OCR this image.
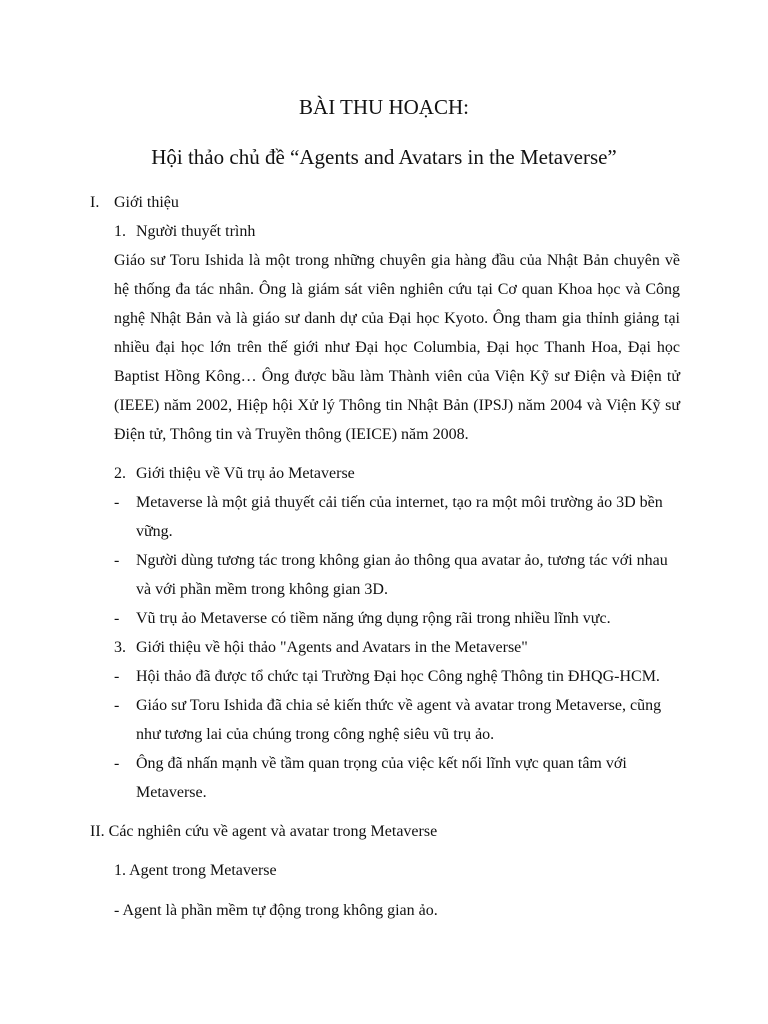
BÀI THU HOẠCH:
Hội thảo chủ đề “Agents and Avatars in the Metaverse”
I. Giới thiệu
1. Người thuyết trình
Giáo sư Toru Ishida là một trong những chuyên gia hàng đầu của Nhật Bản chuyên về hệ thống đa tác nhân. Ông là giám sát viên nghiên cứu tại Cơ quan Khoa học và Công nghệ Nhật Bản và là giáo sư danh dự của Đại học Kyoto. Ông tham gia thỉnh giảng tại nhiều đại học lớn trên thế giới như Đại học Columbia, Đại học Thanh Hoa, Đại học Baptist Hồng Kông… Ông được bầu làm Thành viên của Viện Kỹ sư Điện và Điện tử (IEEE) năm 2002, Hiệp hội Xử lý Thông tin Nhật Bản (IPSJ) năm 2004 và Viện Kỹ sư Điện tử, Thông tin và Truyền thông (IEICE) năm 2008.
2. Giới thiệu về Vũ trụ ảo Metaverse
- Metaverse là một giả thuyết cải tiến của internet, tạo ra một môi trường ảo 3D bền vững.
- Người dùng tương tác trong không gian ảo thông qua avatar ảo, tương tác với nhau và với phần mềm trong không gian 3D.
- Vũ trụ ảo Metaverse có tiềm năng ứng dụng rộng rãi trong nhiều lĩnh vực.
3. Giới thiệu về hội thảo "Agents and Avatars in the Metaverse"
- Hội thảo đã được tổ chức tại Trường Đại học Công nghệ Thông tin ĐHQG-HCM.
- Giáo sư Toru Ishida đã chia sẻ kiến thức về agent và avatar trong Metaverse, cũng như tương lai của chúng trong công nghệ siêu vũ trụ ảo.
- Ông đã nhấn mạnh về tầm quan trọng của việc kết nối lĩnh vực quan tâm với Metaverse.
II. Các nghiên cứu về agent và avatar trong Metaverse
1. Agent trong Metaverse
- Agent là phần mềm tự động trong không gian ảo.
